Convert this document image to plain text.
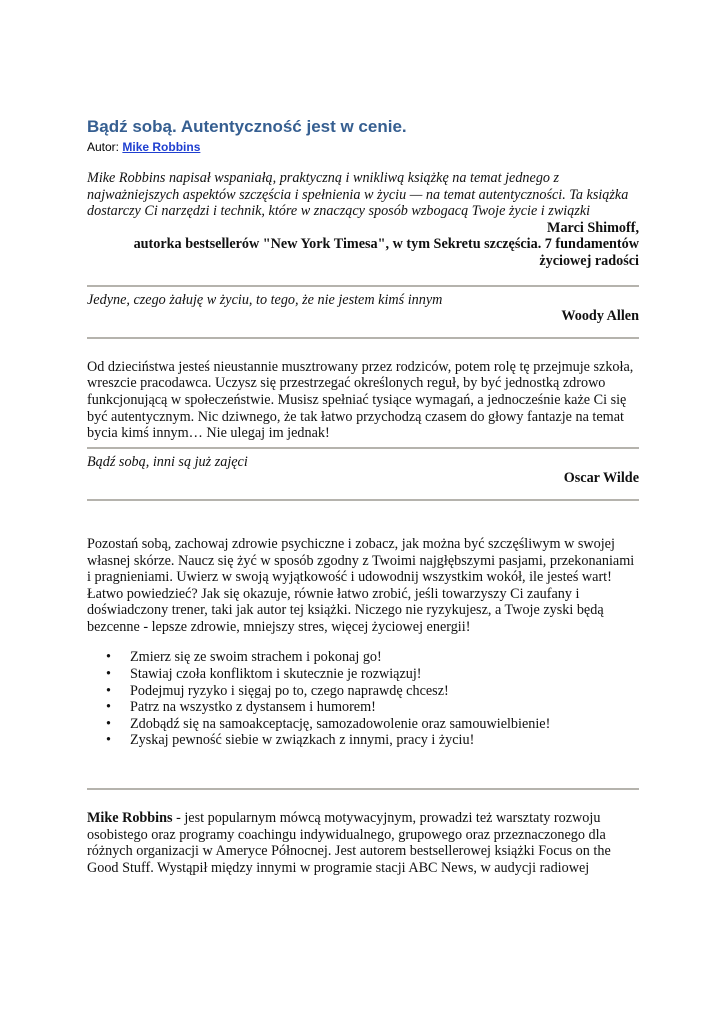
Bądź sobą. Autentyczność jest w cenie.
Autor: Mike Robbins
Mike Robbins napisał wspaniałą, praktyczną i wnikliwą książkę na temat jednego z najważniejszych aspektów szczęścia i spełnienia w życiu — na temat autentyczności. Ta książka dostarczy Ci narzędzi i technik, które w znaczący sposób wzbogacą Twoje życie i związki
Marci Shimoff,
autorka bestsellerów "New York Timesa", w tym Sekretu szczęścia. 7 fundamentów życiowej radości
Jedyne, czego żałuję w życiu, to tego, że nie jestem kimś innym
Woody Allen
Od dzieciństwa jesteś nieustannie musztrowany przez rodziców, potem rolę tę przejmuje szkoła, wreszcie pracodawca. Uczysz się przestrzegać określonych reguł, by być jednostką zdrowo funkcjonującą w społeczeństwie. Musisz spełniać tysiące wymagań, a jednocześnie każe Ci się być autentycznym. Nic dziwnego, że tak łatwo przychodzą czasem do głowy fantazje na temat bycia kimś innym… Nie ulegaj im jednak!
Bądź sobą, inni są już zajęci
Oscar Wilde
Pozostań sobą, zachowaj zdrowie psychiczne i zobacz, jak można być szczęśliwym w swojej własnej skórze. Naucz się żyć w sposób zgodny z Twoimi najgłębszymi pasjami, przekonaniami i pragnieniami. Uwierz w swoją wyjątkowość i udowodnij wszystkim wokół, ile jesteś wart! Łatwo powiedzieć? Jak się okazuje, równie łatwo zrobić, jeśli towarzyszy Ci zaufany i doświadczony trener, taki jak autor tej książki. Niczego nie ryzykujesz, a Twoje zyski będą bezcenne - lepsze zdrowie, mniejszy stres, więcej życiowej energii!
• Zmierz się ze swoim strachem i pokonaj go!
• Stawiaj czoła konfliktom i skutecznie je rozwiązuj!
• Podejmuj ryzyko i sięgaj po to, czego naprawdę chcesz!
• Patrz na wszystko z dystansem i humorem!
• Zdobądź się na samoakceptację, samozadowolenie oraz samouwielbienie!
• Zyskaj pewność siebie w związkach z innymi, pracy i życiu!
Mike Robbins - jest popularnym mówcą motywacyjnym, prowadzi też warsztaty rozwoju osobistego oraz programy coachingu indywidualnego, grupowego oraz przeznaczonego dla różnych organizacji w Ameryce Północnej. Jest autorem bestsellerowej książki Focus on the Good Stuff. Wystąpił między innymi w programie stacji ABC News, w audycji radiowej
